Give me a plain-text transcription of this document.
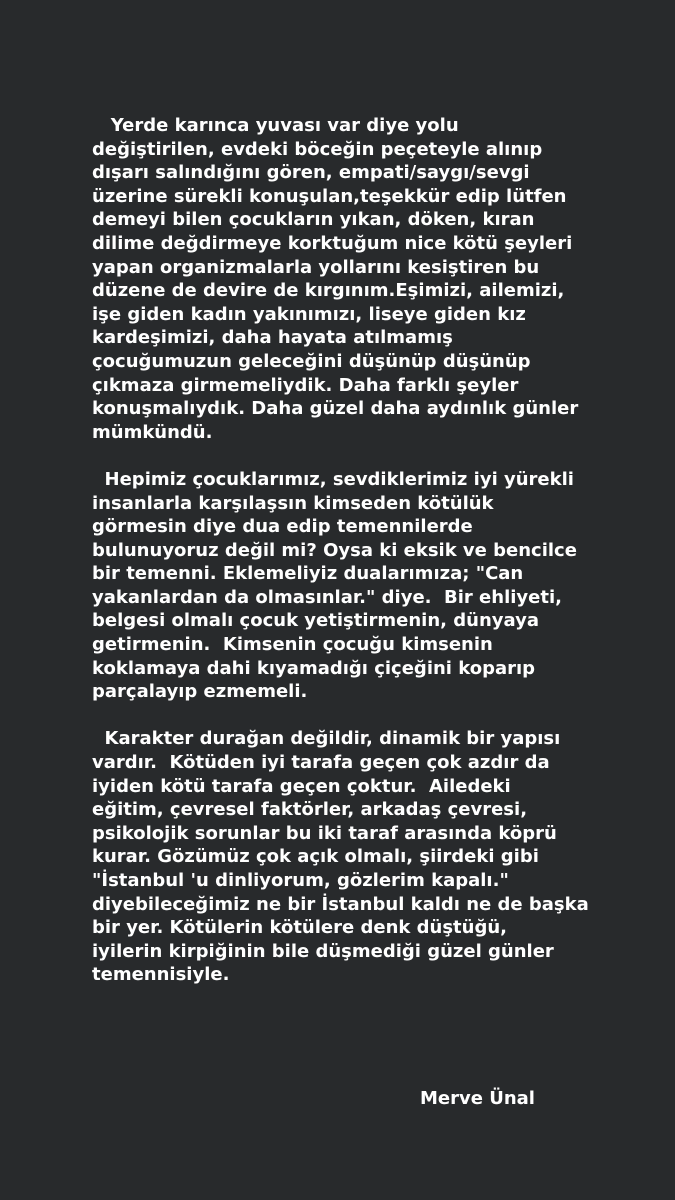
Yerde karınca yuvası var diye yolu
değiştirilen, evdeki böceğin peçeteyle alınıp
dışarı salındığını gören, empati/saygı/sevgi
üzerine sürekli konuşulan,teşekkür edip lütfen
demeyi bilen çocukların yıkan, döken, kıran
dilime değdirmeye korktuğum nice kötü şeyleri
yapan organizmalarla yollarını kesiştiren bu
düzene de devire de kırgınım.Eşimizi, ailemizi,
işe giden kadın yakınımızı, liseye giden kız
kardeşimizi, daha hayata atılmamış
çocuğumuzun geleceğini düşünüp düşünüp
çıkmaza girmemeliydik. Daha farklı şeyler
konuşmalıydık. Daha güzel daha aydınlık günler
mümkündü.
Hepimiz çocuklarımız, sevdiklerimiz iyi yürekli
insanlarla karşılaşsın kimseden kötülük
görmesin diye dua edip temennilerde
bulunuyoruz değil mi? Oysa ki eksik ve bencilce
bir temenni. Eklemeliyiz dualarımıza; "Can
yakanlardan da olmasınlar." diye.  Bir ehliyeti,
belgesi olmalı çocuk yetiştirmenin, dünyaya
getirmenin.  Kimsenin çocuğu kimsenin
koklamaya dahi kıyamadığı çiçeğini koparıp
parçalayıp ezmemeli.
Karakter durağan değildir, dinamik bir yapısı
vardır.  Kötüden iyi tarafa geçen çok azdır da
iyiden kötü tarafa geçen çoktur.  Ailedeki
eğitim, çevresel faktörler, arkadaş çevresi,
psikolojik sorunlar bu iki taraf arasında köprü
kurar. Gözümüz çok açık olmalı, şiirdeki gibi
"İstanbul 'u dinliyorum, gözlerim kapalı."
diyebileceğimiz ne bir İstanbul kaldı ne de başka
bir yer. Kötülerin kötülere denk düştüğü,
iyilerin kirpiğinin bile düşmediği güzel günler
temennisiyle.
Merve Ünal
